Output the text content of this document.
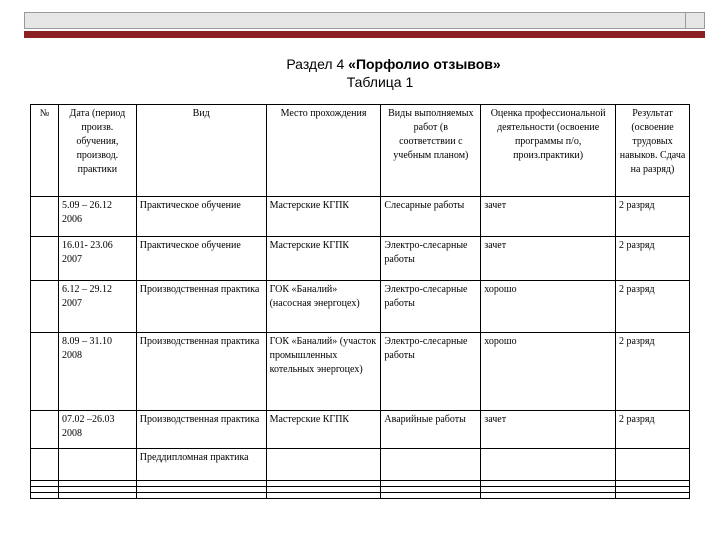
Раздел 4 «Порфолио отзывов»
Таблица 1
№	Дата (период произв. обучения, производ. практики	Вид	Место прохождения	Виды выполняемых работ (в соответствии с учебным планом)	Оценка профессиональной деятельности (освоение программы п/о, произ.практики)	Результат (освоение трудовых навыков. Сдача на разряд)
	5.09 – 26.12 2006	Практическое обучение	Мастерские КГПК	Слесарные работы	зачет	2 разряд
	16.01- 23.06 2007	Практическое обучение	Мастерские КГПК	Электро-слесарные работы	зачет	2 разряд
	6.12 – 29.12 2007	Производственная практика	ГОК «Баналий» (насосная энергоцех)	Электро-слесарные работы	хорошо	2 разряд
	8.09 – 31.10 2008	Производственная практика	ГОК «Баналий» (участок промышленных котельных энергоцех)	Электро-слесарные работы	хорошо	2 разряд
	07.02 –26.03 2008	Производственная практика	Мастерские КГПК	Аварийные работы	зачет	2 разряд
		Преддипломная практика				
